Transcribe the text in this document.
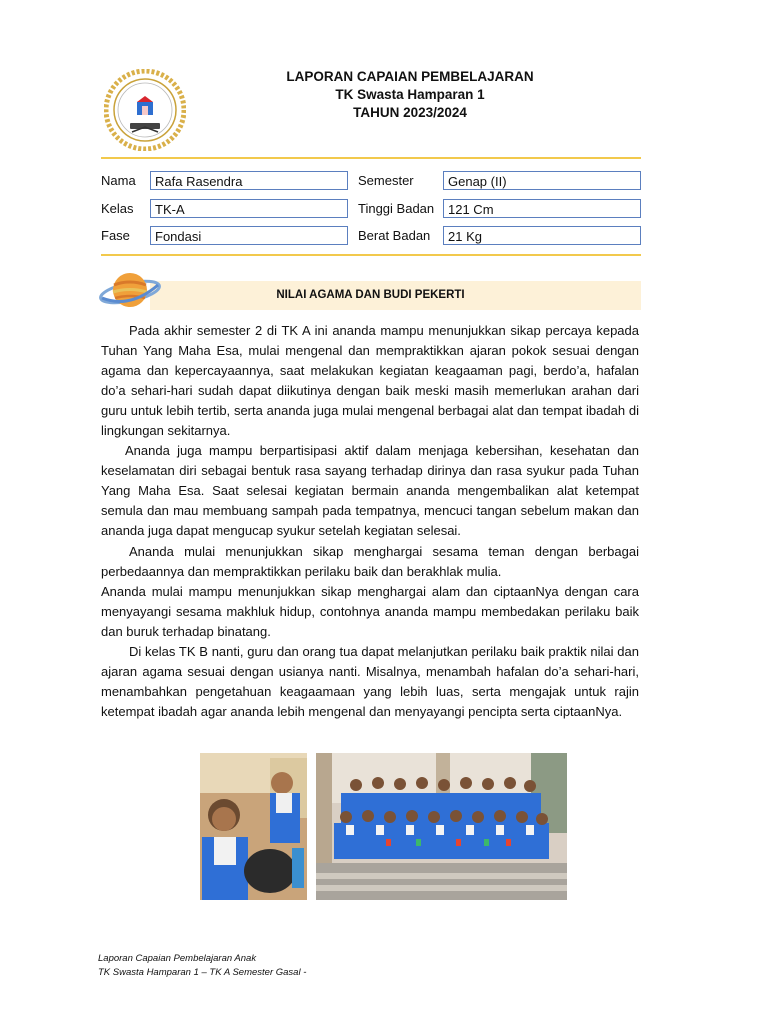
LAPORAN CAPAIAN PEMBELAJARAN
TK Swasta Hamparan 1
TAHUN 2023/2024
Nama	Rafa Rasendra
Kelas	TK-A
Fase	Fondasi
Semester	Genap (II)
Tinggi Badan	121 Cm
Berat Badan	21 Kg
NILAI AGAMA DAN BUDI PEKERTI
Pada akhir semester 2 di TK A ini ananda mampu menunjukkan sikap percaya kepada Tuhan Yang Maha Esa, mulai mengenal dan mempraktikkan ajaran pokok sesuai dengan agama dan kepercayaannya, saat melakukan kegiatan keagaaman pagi, berdo’a, hafalan do’a sehari-hari sudah dapat diikutinya dengan baik meski masih memerlukan arahan dari guru untuk lebih tertib, serta ananda juga mulai mengenal berbagai alat dan tempat ibadah di lingkungan sekitarnya.
Ananda juga mampu berpartisipasi aktif dalam menjaga kebersihan, kesehatan dan keselamatan diri sebagai bentuk rasa sayang terhadap dirinya dan rasa syukur pada Tuhan Yang Maha Esa. Saat selesai kegiatan bermain ananda mengembalikan alat ketempat semula dan mau membuang sampah pada tempatnya, mencuci tangan sebelum makan dan ananda juga dapat mengucap syukur setelah kegiatan selesai.
Ananda mulai menunjukkan sikap menghargai sesama teman dengan berbagai perbedaannya dan mempraktikkan perilaku baik dan berakhlak mulia.
Ananda mulai mampu menunjukkan sikap menghargai alam dan ciptaanNya dengan cara menyayangi sesama makhluk hidup, contohnya ananda mampu membedakan perilaku baik dan buruk terhadap binatang.
Di kelas TK B nanti, guru dan orang tua dapat melanjutkan perilaku baik praktik nilai dan ajaran agama sesuai dengan usianya nanti. Misalnya, menambah hafalan do’a sehari-hari, menambahkan pengetahuan keagaamaan yang lebih luas, serta mengajak untuk rajin ketempat ibadah agar ananda lebih mengenal dan menyayangi pencipta serta ciptaanNya.
Laporan Capaian Pembelajaran Anak
TK Swasta Hamparan 1 – TK A Semester Gasal -
